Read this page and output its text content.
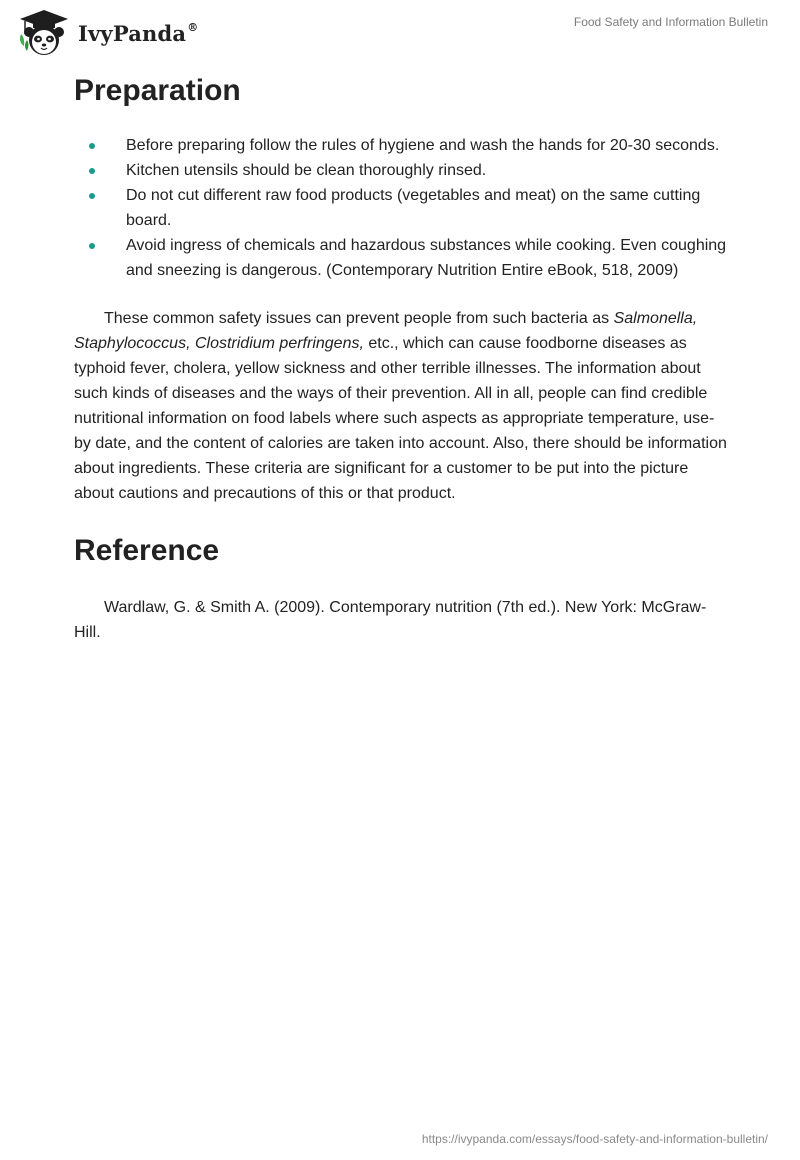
IvyPanda®	Food Safety and Information Bulletin
Preparation
Before preparing follow the rules of hygiene and wash the hands for 20-30 seconds.
Kitchen utensils should be clean thoroughly rinsed.
Do not cut different raw food products (vegetables and meat) on the same cutting board.
Avoid ingress of chemicals and hazardous substances while cooking. Even coughing and sneezing is dangerous. (Contemporary Nutrition Entire eBook, 518, 2009)

These common safety issues can prevent people from such bacteria as Salmonella, Staphylococcus, Clostridium perfringens, etc., which can cause foodborne diseases as typhoid fever, cholera, yellow sickness and other terrible illnesses. The information about such kinds of diseases and the ways of their prevention. All in all, people can find credible nutritional information on food labels where such aspects as appropriate temperature, use-by date, and the content of calories are taken into account. Also, there should be information about ingredients. These criteria are significant for a customer to be put into the picture about cautions and precautions of this or that product.

Reference

Wardlaw, G. & Smith A. (2009). Contemporary nutrition (7th ed.). New York: McGraw-Hill.

https://ivypanda.com/essays/food-safety-and-information-bulletin/
